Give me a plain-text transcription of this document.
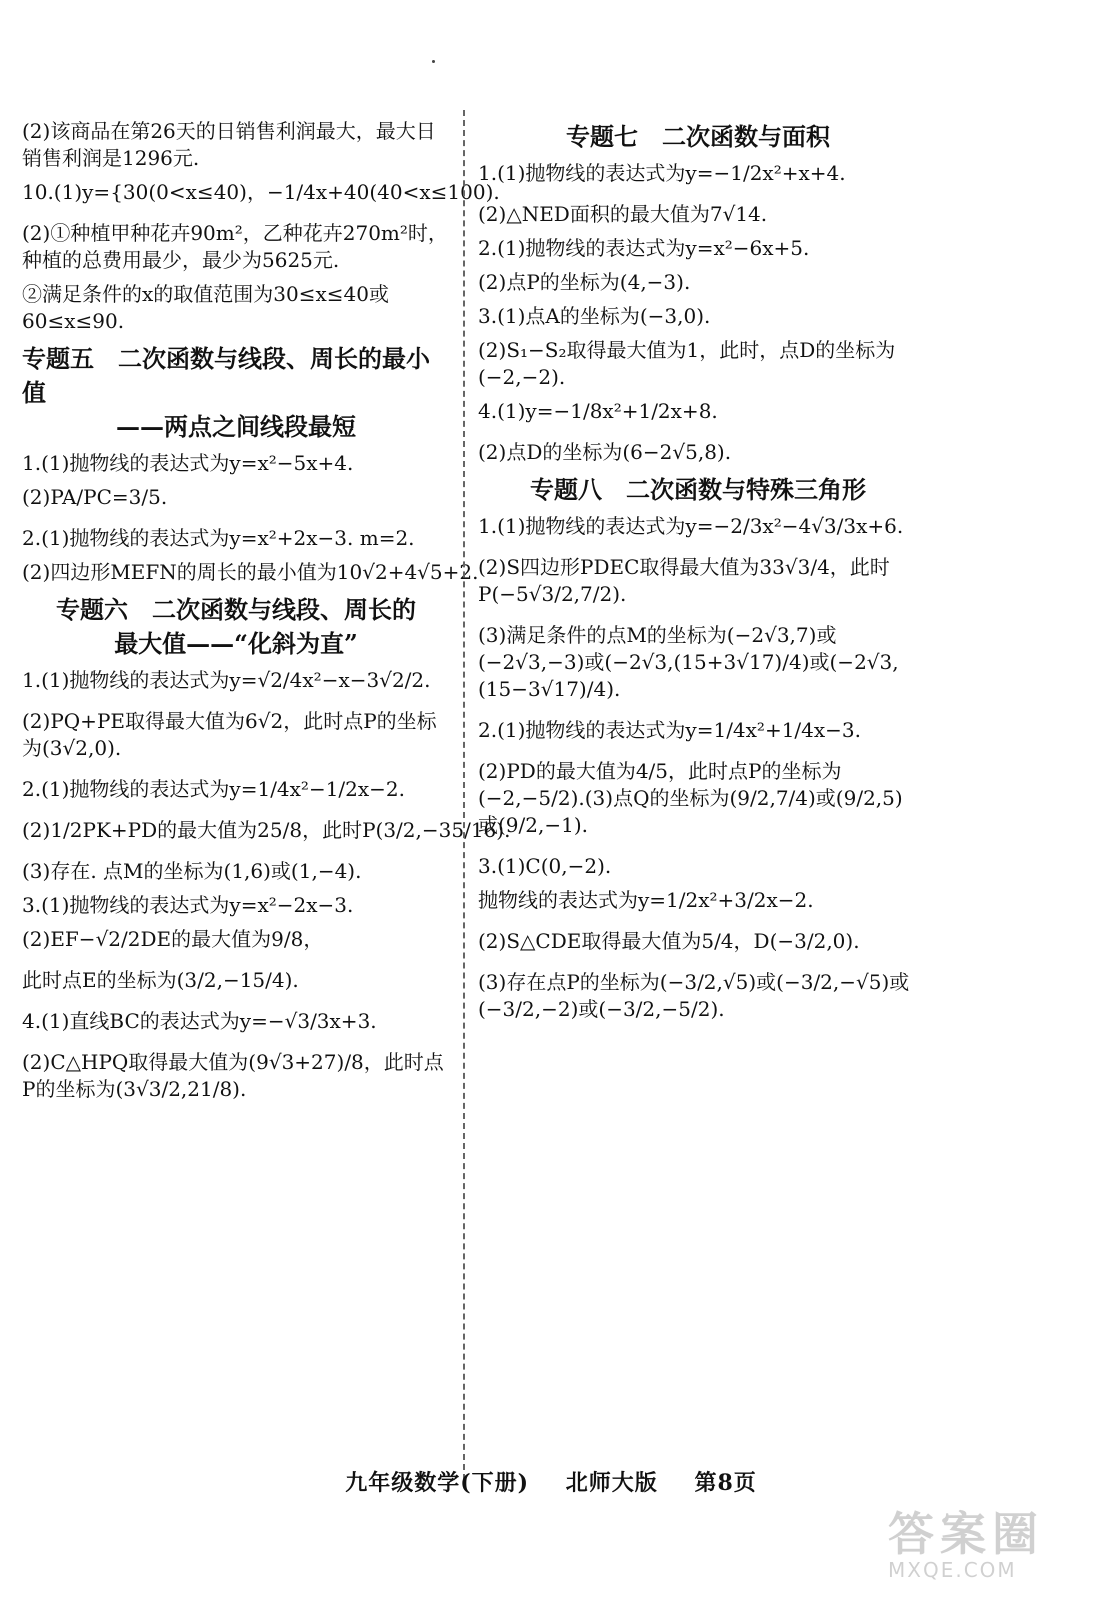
(2)该商品在第26天的日销售利润最大，最大日销售利润是1296元.
10.(1)y={30(0<x≤40)，−1/4x+40(40<x≤100).
(2)①种植甲种花卉90m²，乙种花卉270m²时，种植的总费用最少，最少为5625元.
②满足条件的x的取值范围为30≤x≤40或60≤x≤90.
专题五　二次函数与线段、周长的最小值
——两点之间线段最短
1.(1)抛物线的表达式为y=x²−5x+4.
(2)PA/PC=3/5.
2.(1)抛物线的表达式为y=x²+2x−3. m=2.
(2)四边形MEFN的周长的最小值为10√2+4√5+2.
专题六　二次函数与线段、周长的
最大值——“化斜为直”
1.(1)抛物线的表达式为y=√2/4x²−x−3√2/2.
(2)PQ+PE取得最大值为6√2，此时点P的坐标为(3√2,0).
2.(1)抛物线的表达式为y=1/4x²−1/2x−2.
(2)1/2PK+PD的最大值为25/8，此时P(3/2,−35/16).
(3)存在. 点M的坐标为(1,6)或(1,−4).
3.(1)抛物线的表达式为y=x²−2x−3.
(2)EF−√2/2DE的最大值为9/8，
此时点E的坐标为(3/2,−15/4).
4.(1)直线BC的表达式为y=−√3/3x+3.
(2)C△HPQ取得最大值为(9√3+27)/8，此时点P的坐标为(3√3/2,21/8).
专题七　二次函数与面积
1.(1)抛物线的表达式为y=−1/2x²+x+4.
(2)△NED面积的最大值为7√14.
2.(1)抛物线的表达式为y=x²−6x+5.
(2)点P的坐标为(4,−3).
3.(1)点A的坐标为(−3,0).
(2)S₁−S₂取得最大值为1，此时，点D的坐标为(−2,−2).
4.(1)y=−1/8x²+1/2x+8.
(2)点D的坐标为(6−2√5,8).
专题八　二次函数与特殊三角形
1.(1)抛物线的表达式为y=−2/3x²−4√3/3x+6.
(2)S四边形PDEC取得最大值为33√3/4，此时P(−5√3/2,7/2).
(3)满足条件的点M的坐标为(−2√3,7)或(−2√3,−3)或(−2√3,(15+3√17)/4)或(−2√3,(15−3√17)/4).
2.(1)抛物线的表达式为y=1/4x²+1/4x−3.
(2)PD的最大值为4/5，此时点P的坐标为(−2,−5/2).(3)点Q的坐标为(9/2,7/4)或(9/2,5)或(9/2,−1).
3.(1)C(0,−2).
抛物线的表达式为y=1/2x²+3/2x−2.
(2)S△CDE取得最大值为5/4，D(−3/2,0).
(3)存在点P的坐标为(−3/2,√5)或(−3/2,−√5)或(−3/2,−2)或(−3/2,−5/2).
九年级数学(下册) 北师大版 第8页
答案圈
MXQE.COM
